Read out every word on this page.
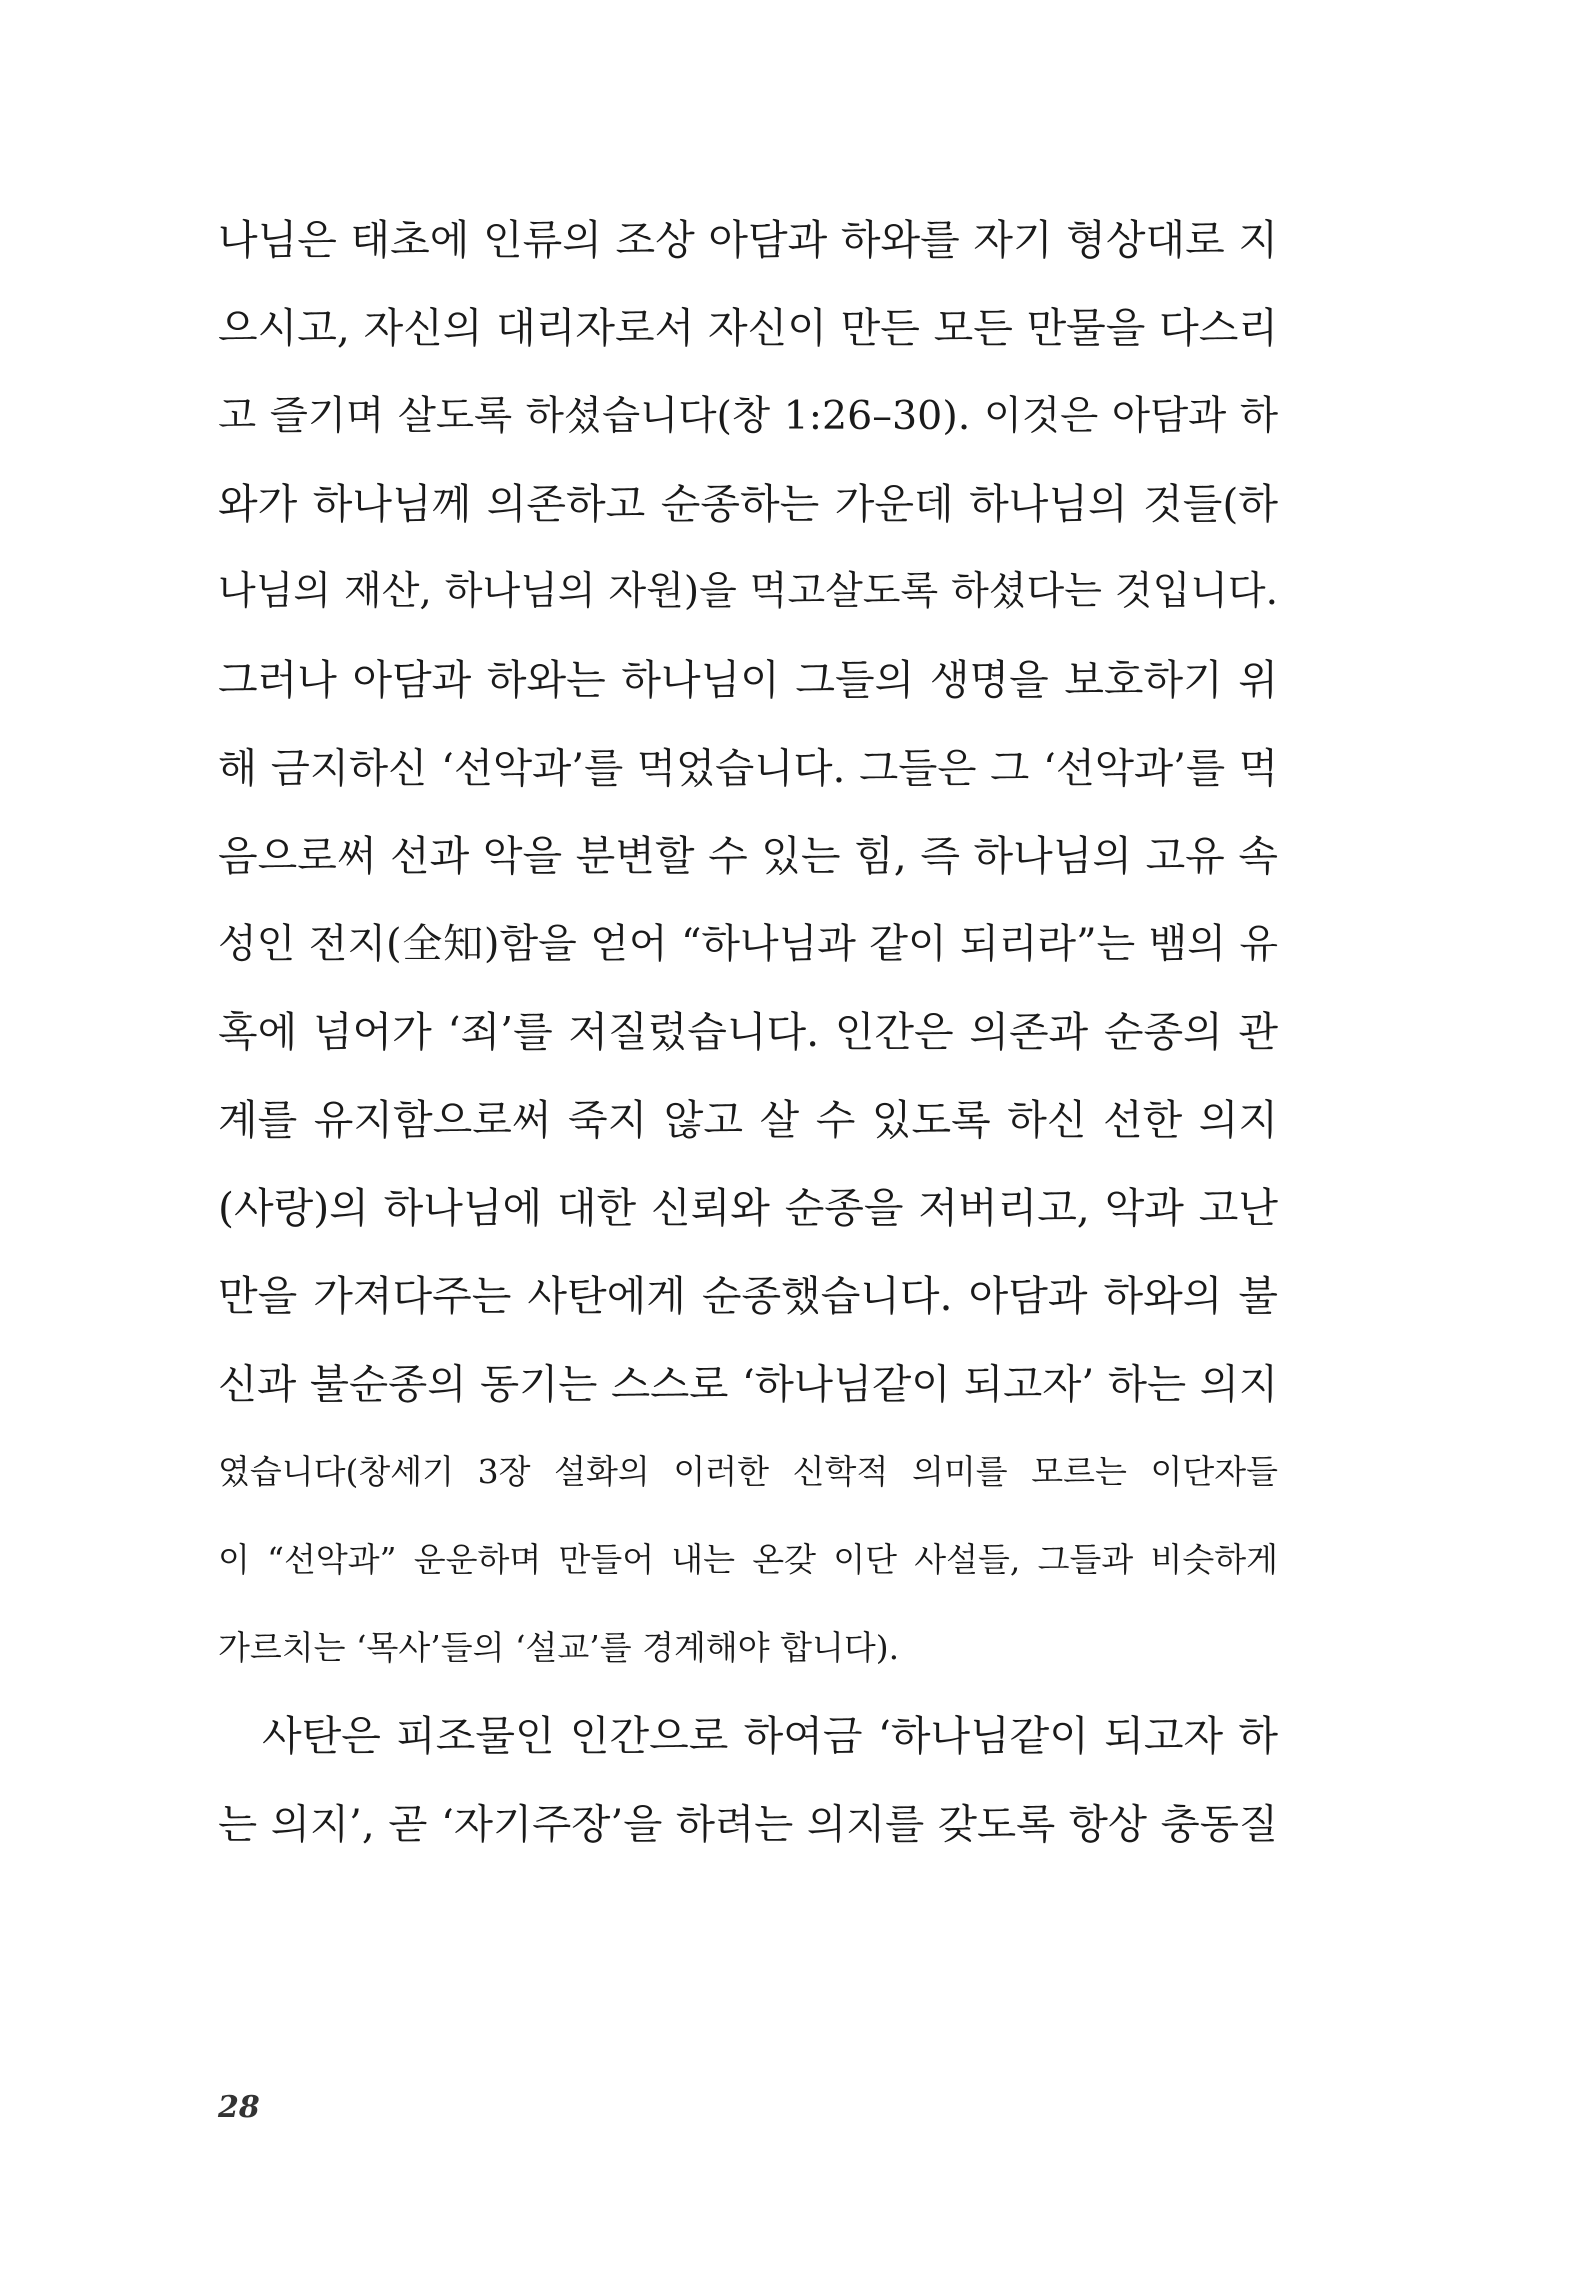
나님은 태초에 인류의 조상 아담과 하와를 자기 형상대로 지
으시고, 자신의 대리자로서 자신이 만든 모든 만물을 다스리
고 즐기며 살도록 하셨습니다(창 1:26–30). 이것은 아담과 하
와가 하나님께 의존하고 순종하는 가운데 하나님의 것들(하
나님의 재산, 하나님의 자원)을 먹고살도록 하셨다는 것입니다.
그러나 아담과 하와는 하나님이 그들의 생명을 보호하기 위
해 금지하신 ‘선악과’를 먹었습니다. 그들은 그 ‘선악과’를 먹
음으로써 선과 악을 분변할 수 있는 힘, 즉 하나님의 고유 속
성인 전지(全知)함을 얻어 “하나님과 같이 되리라”는 뱀의 유
혹에 넘어가 ‘죄’를 저질렀습니다. 인간은 의존과 순종의 관
계를 유지함으로써 죽지 않고 살 수 있도록 하신 선한 의지
(사랑)의 하나님에 대한 신뢰와 순종을 저버리고, 악과 고난
만을 가져다주는 사탄에게 순종했습니다. 아담과 하와의 불
신과 불순종의 동기는 스스로 ‘하나님같이 되고자’ 하는 의지
였습니다(창세기 3장 설화의 이러한 신학적 의미를 모르는 이단자들
이 “선악과” 운운하며 만들어 내는 온갖 이단 사설들, 그들과 비슷하게
가르치는 ‘목사’들의 ‘설교’를 경계해야 합니다).
사탄은 피조물인 인간으로 하여금 ‘하나님같이 되고자 하
는 의지’, 곧 ‘자기주장’을 하려는 의지를 갖도록 항상 충동질
28
